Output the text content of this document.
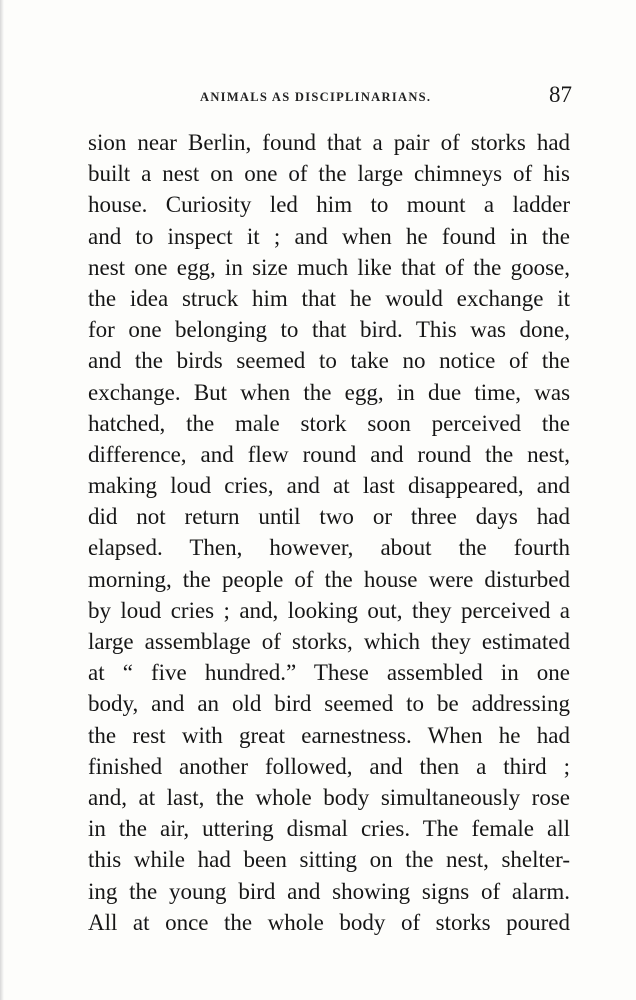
ANIMALS AS DISCIPLINARIANS.	87
sion near Berlin, found that a pair of storks had
built a nest on one of the large chimneys of his
house. Curiosity led him to mount a ladder
and to inspect it ; and when he found in the
nest one egg, in size much like that of the goose,
the idea struck him that he would exchange it
for one belonging to that bird. This was done,
and the birds seemed to take no notice of the
exchange. But when the egg, in due time, was
hatched, the male stork soon perceived the
difference, and flew round and round the nest,
making loud cries, and at last disappeared, and
did not return until two or three days had
elapsed. Then, however, about the fourth
morning, the people of the house were disturbed
by loud cries ; and, looking out, they perceived a
large assemblage of storks, which they estimated
at “ five hundred.” These assembled in one
body, and an old bird seemed to be addressing
the rest with great earnestness. When he had
finished another followed, and then a third ;
and, at last, the whole body simultaneously rose
in the air, uttering dismal cries. The female all
this while had been sitting on the nest, shelter-
ing the young bird and showing signs of alarm.
All at once the whole body of storks poured
